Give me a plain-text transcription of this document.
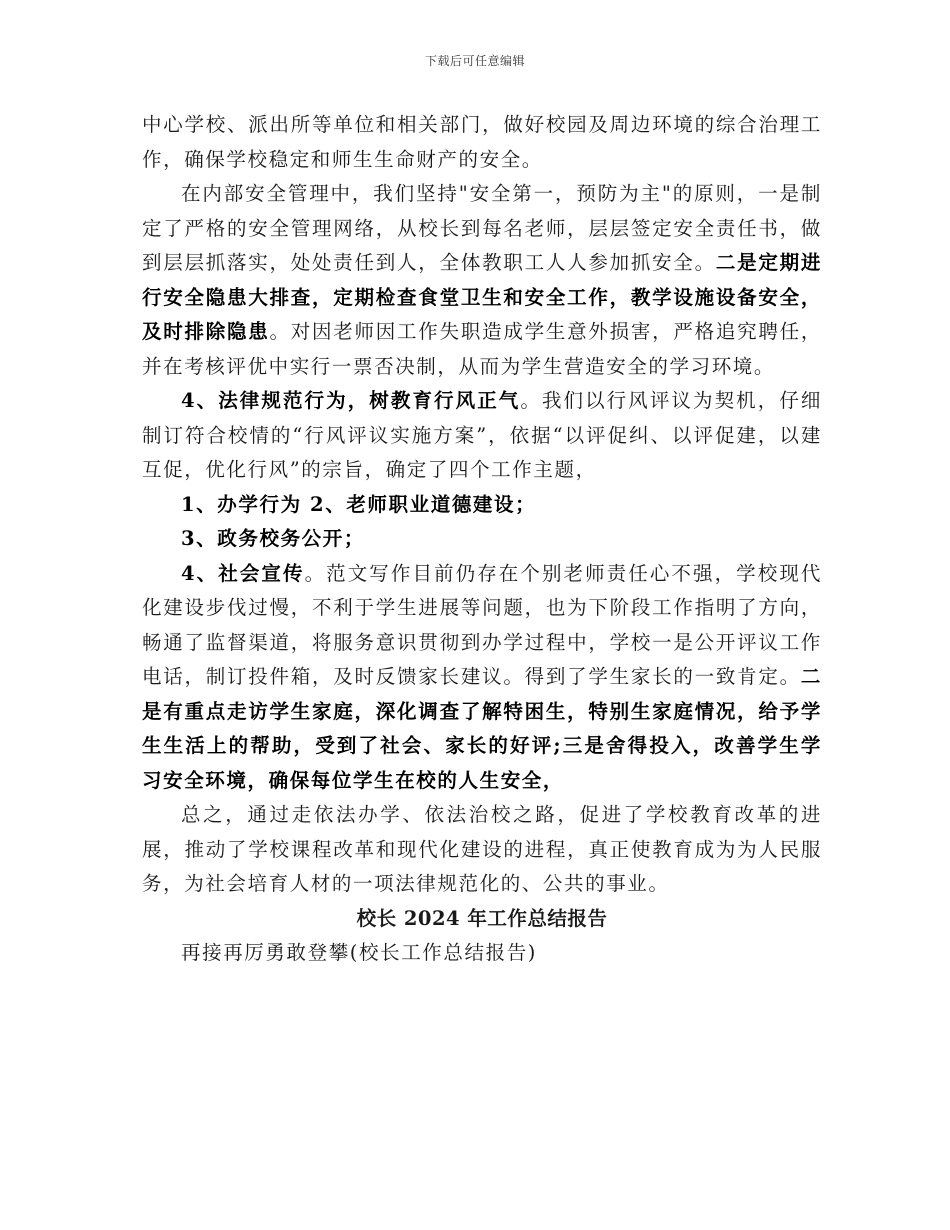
下载后可任意编辑

中心学校、派出所等单位和相关部门，做好校园及周边环境的综合治理工作，确保学校稳定和师生生命财产的安全。

在内部安全管理中，我们坚持"安全第一，预防为主"的原则，一是制定了严格的安全管理网络，从校长到每名老师，层层签定安全责任书，做到层层抓落实，处处责任到人，全体教职工人人参加抓安全。二是定期进行安全隐患大排查，定期检查食堂卫生和安全工作，教学设施设备安全，及时排除隐患。对因老师因工作失职造成学生意外损害，严格追究聘任，并在考核评优中实行一票否决制，从而为学生营造安全的学习环境。

4、法律规范行为，树教育行风正气。我们以行风评议为契机，仔细制订符合校情的“行风评议实施方案”，依据“以评促纠、以评促建，以建互促，优化行风”的宗旨，确定了四个工作主题，

1、办学行为 2、老师职业道德建设；

3、政务校务公开；

4、社会宣传。范文写作目前仍存在个别老师责任心不强，学校现代化建设步伐过慢，不利于学生进展等问题，也为下阶段工作指明了方向，畅通了监督渠道，将服务意识贯彻到办学过程中，学校一是公开评议工作电话，制订投件箱，及时反馈家长建议。得到了学生家长的一致肯定。二是有重点走访学生家庭，深化调查了解特困生，特别生家庭情况，给予学生生活上的帮助，受到了社会、家长的好评;三是舍得投入，改善学生学习安全环境，确保每位学生在校的人生安全，

总之，通过走依法办学、依法治校之路，促进了学校教育改革的进展，推动了学校课程改革和现代化建设的进程，真正使教育成为为人民服务，为社会培育人材的一项法律规范化的、公共的事业。

校长 2024 年工作总结报告

再接再厉勇敢登攀(校长工作总结报告)
